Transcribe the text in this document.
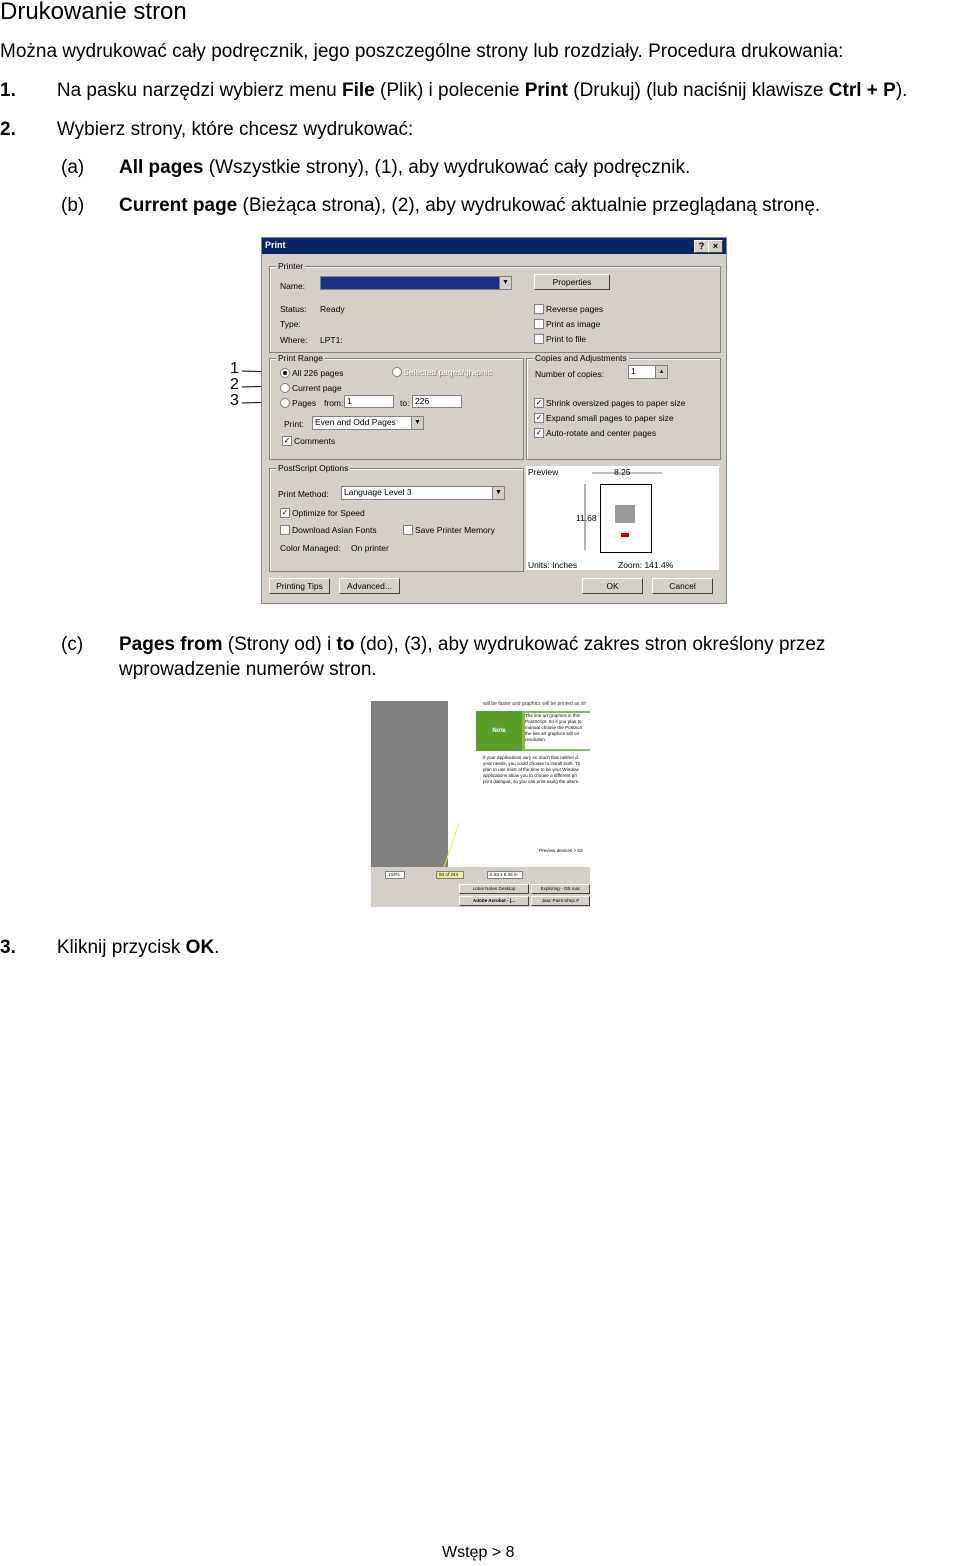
Drukowanie stron
Można wydrukować cały podręcznik, jego poszczególne strony lub rozdziały. Procedura drukowania:
1. Na pasku narzędzi wybierz menu File (Plik) i polecenie Print (Drukuj) (lub naciśnij klawisze Ctrl + P).
2. Wybierz strony, które chcesz wydrukować:
(a) All pages (Wszystkie strony), (1), aby wydrukować cały podręcznik.
(b) Current page (Bieżąca strona), (2), aby wydrukować aktualnie przeglądaną stronę.
1
2
3
Print	? ×
Printer
Name:	▼	Properties
Status: Ready
Type:
Where: LPT1:
Reverse pages
Print as image
Print to file
Print Range
All 226 pages	Selected pages/graphic
Current page
Pages from: 1	to: 226
Print:	Even and Odd Pages	▼
✓ Comments
Copies and Adjustments
Number of copies:	1	▴
✓ Shrink oversized pages to paper size
✓ Expand small pages to paper size
✓ Auto-rotate and center pages
PostScript Options
Print Method:	Language Level 3	▼
✓ Optimize for Speed
Download Asian Fonts	Save Printer Memory
Color Managed: On printer
Preview	8.25
11.68
Units: Inches	Zoom: 141.4%
Printing Tips	Advanced...	OK	Cancel
(c) Pages from (Strony od) i to (do), (3), aby wydrukować zakres stron określony przez
wprowadzenie numerów stron.
will be faster and graphics will be printed as sh
Note
The line art graphics in this
PostScript. So if you plan to
manual choose the PostScri
the line art graphics will on
resolution.
If your applications vary so much that neither d
your needs, you could choose to install both. Th
plan to use most of the time to be your Window
applications allow you to choose a different pri
print dialogue, so you can print using the altern
Preview devices > 83
104%	83 of 244	5.83 x 8.26 in
Lotus Notes Desktop	Exploring - GB mac
Adobe Acrobat - [...	Jasc Paint Shop P
3. Kliknij przycisk OK.
Wstęp > 8
